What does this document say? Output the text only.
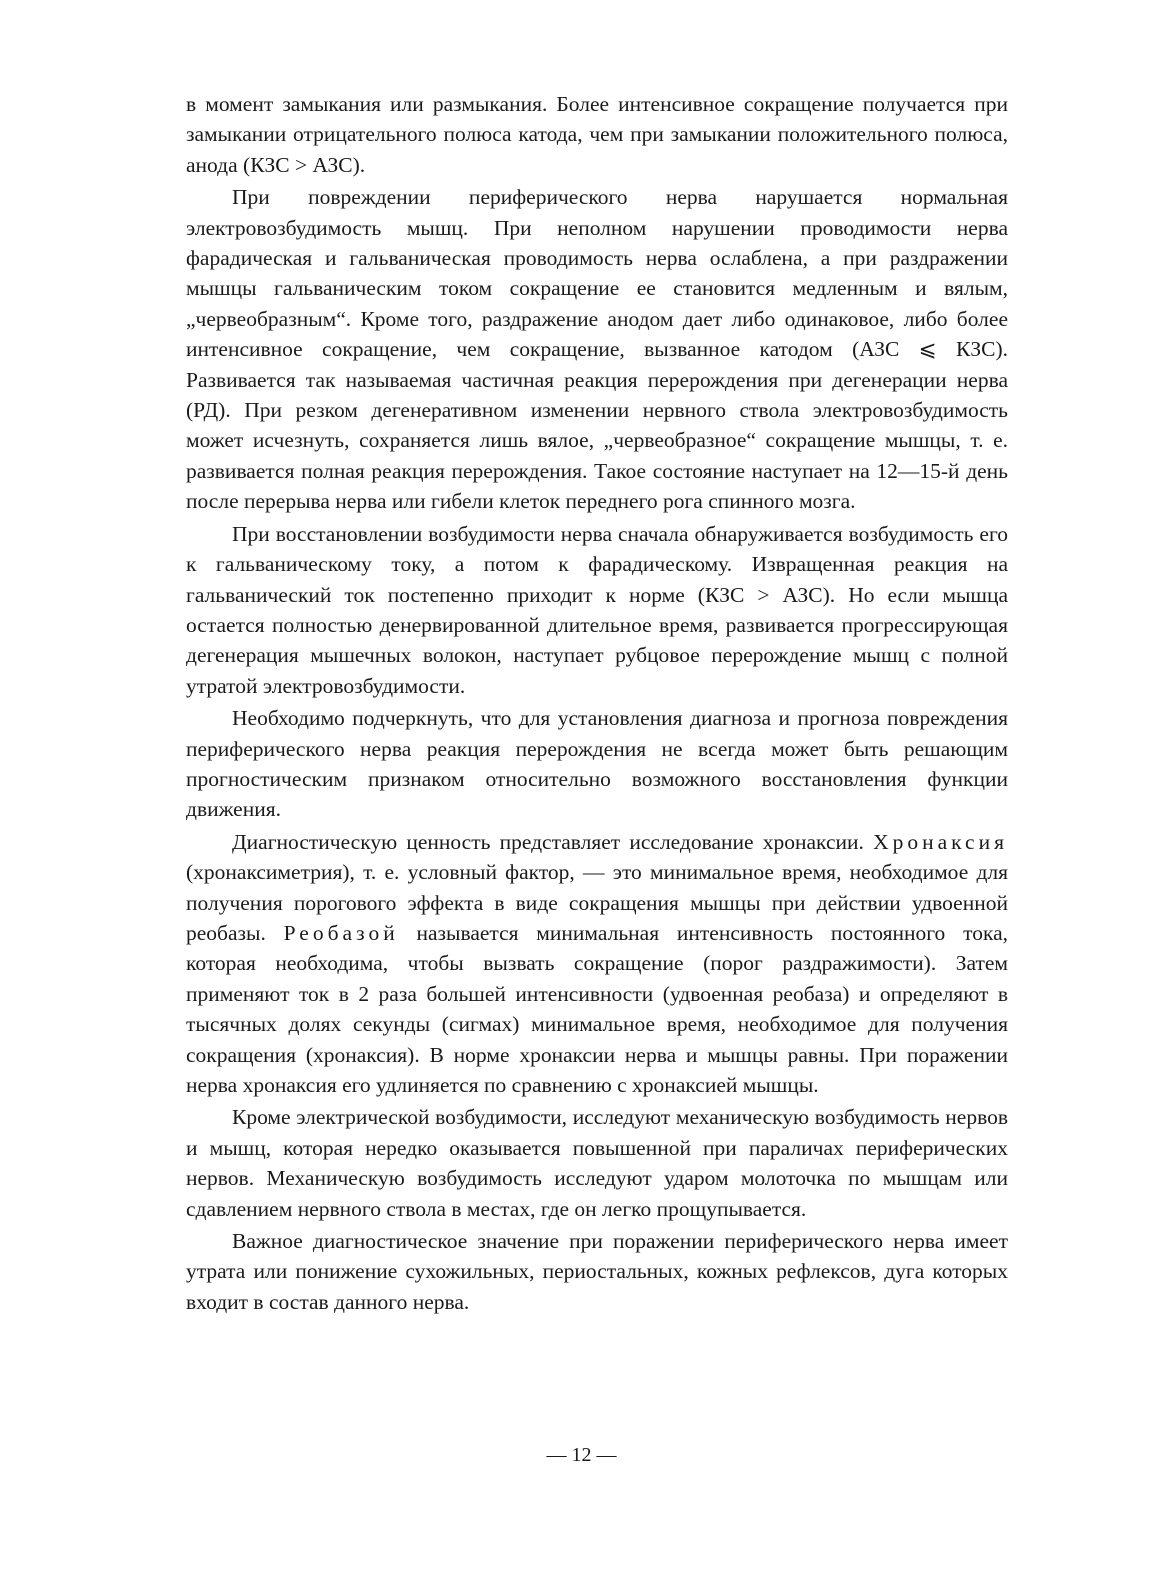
в момент замыкания или размыкания. Более интенсивное сокращение получается при замыкании отрицательного полюса катода, чем при замыкании положительного полюса, анода (КЗС > АЗС).

При повреждении периферического нерва нарушается нормальная электровозбудимость мышц. При неполном нарушении проводимости нерва фарадическая и гальваническая проводимость нерва ослаблена, а при раздражении мышцы гальваническим током сокращение ее становится медленным и вялым, „червеобразным“. Кроме того, раздражение анодом дает либо одинаковое, либо более интенсивное сокращение, чем сокращение, вызванное катодом (АЗС ⩽ КЗС). Развивается так называемая частичная реакция перерождения при дегенерации нерва (РД). При резком дегенеративном изменении нервного ствола электровозбудимость может исчезнуть, сохраняется лишь вялое, „червеобразное“ сокращение мышцы, т. е. развивается полная реакция перерождения. Такое состояние наступает на 12—15-й день после перерыва нерва или гибели клеток переднего рога спинного мозга.

При восстановлении возбудимости нерва сначала обнаруживается возбудимость его к гальваническому току, а потом к фарадическому. Извращенная реакция на гальванический ток постепенно приходит к норме (КЗС > АЗС). Но если мышца остается полностью денервированной длительное время, развивается прогрессирующая дегенерация мышечных волокон, наступает рубцовое перерождение мышц с полной утратой электровозбудимости.

Необходимо подчеркнуть, что для установления диагноза и прогноза повреждения периферического нерва реакция перерождения не всегда может быть решающим прогностическим признаком относительно возможного восстановления функции движения.

Диагностическую ценность представляет исследование хронаксии. Хронаксия (хронаксиметрия), т. е. условный фактор, — это минимальное время, необходимое для получения порогового эффекта в виде сокращения мышцы при действии удвоенной реобазы. Реобазой называется минимальная интенсивность постоянного тока, которая необходима, чтобы вызвать сокращение (порог раздражимости). Затем применяют ток в 2 раза большей интенсивности (удвоенная реобаза) и определяют в тысячных долях секунды (сигмах) минимальное время, необходимое для получения сокращения (хронаксия). В норме хронаксии нерва и мышцы равны. При поражении нерва хронаксия его удлиняется по сравнению с хронаксией мышцы.

Кроме электрической возбудимости, исследуют механическую возбудимость нервов и мышц, которая нередко оказывается повышенной при параличах периферических нервов. Механическую возбудимость исследуют ударом молоточка по мышцам или сдавлением нервного ствола в местах, где он легко прощупывается.

Важное диагностическое значение при поражении периферического нерва имеет утрата или понижение сухожильных, периостальных, кожных рефлексов, дуга которых входит в состав данного нерва.

— 12 —
